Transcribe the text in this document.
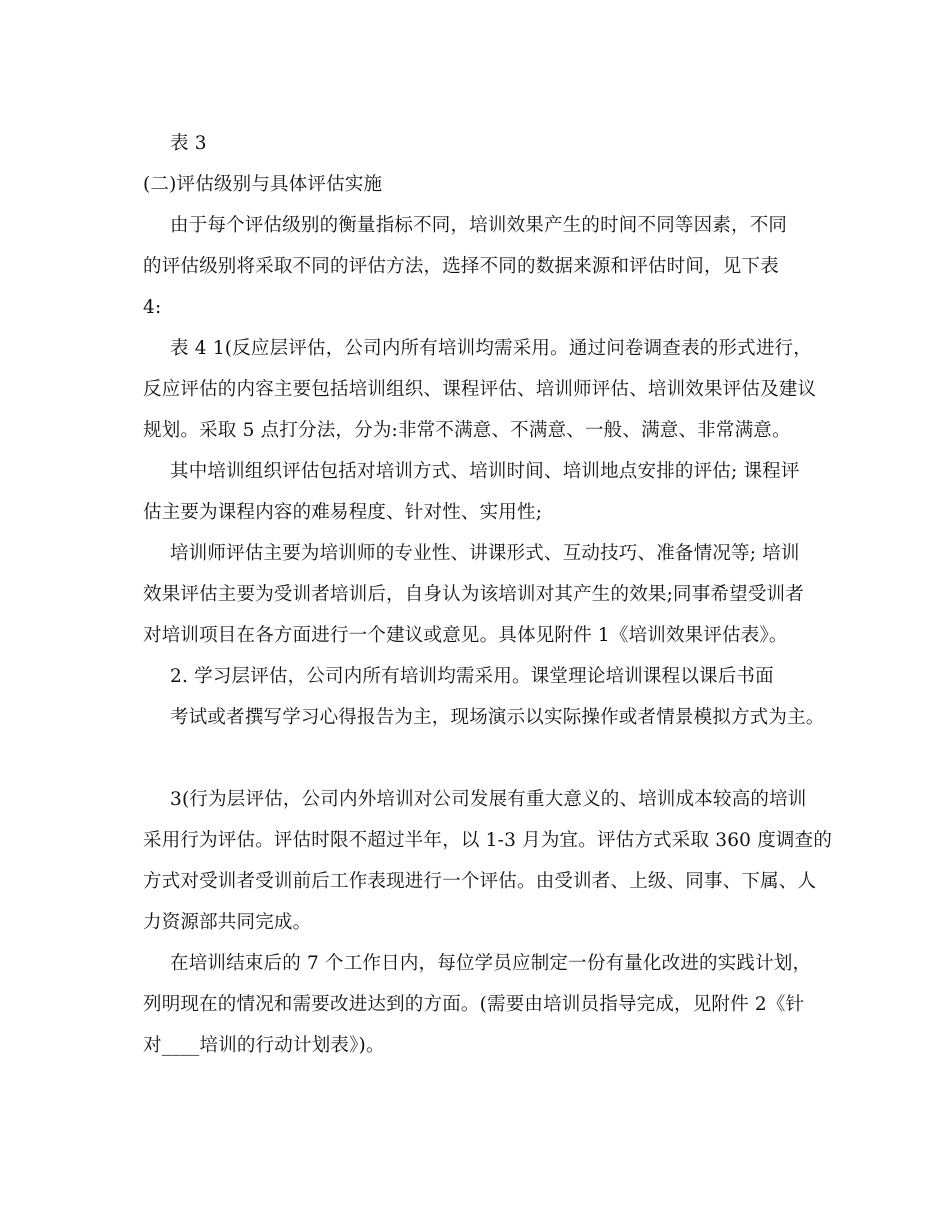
表 3
(二)评估级别与具体评估实施
由于每个评估级别的衡量指标不同，培训效果产生的时间不同等因素，不同
的评估级别将采取不同的评估方法，选择不同的数据来源和评估时间，见下表
4:
表 4 1(反应层评估，公司内所有培训均需采用。通过问卷调查表的形式进行，
反应评估的内容主要包括培训组织、课程评估、培训师评估、培训效果评估及建议
规划。采取 5 点打分法，分为:非常不满意、不满意、一般、满意、非常满意。
其中培训组织评估包括对培训方式、培训时间、培训地点安排的评估; 课程评
估主要为课程内容的难易程度、针对性、实用性;
培训师评估主要为培训师的专业性、讲课形式、互动技巧、准备情况等; 培训
效果评估主要为受训者培训后，自身认为该培训对其产生的效果;同事希望受训者
对培训项目在各方面进行一个建议或意见。具体见附件 1《培训效果评估表》。
2. 学习层评估，公司内所有培训均需采用。课堂理论培训课程以课后书面
考试或者撰写学习心得报告为主，现场演示以实际操作或者情景模拟方式为主。
3(行为层评估，公司内外培训对公司发展有重大意义的、培训成本较高的培训
采用行为评估。评估时限不超过半年，以 1-3 月为宜。评估方式采取 360 度调查的
方式对受训者受训前后工作表现进行一个评估。由受训者、上级、同事、下属、人
力资源部共同完成。
在培训结束后的 7 个工作日内，每位学员应制定一份有量化改进的实践计划，
列明现在的情况和需要改进达到的方面。(需要由培训员指导完成，见附件 2《针
对____培训的行动计划表》)。
